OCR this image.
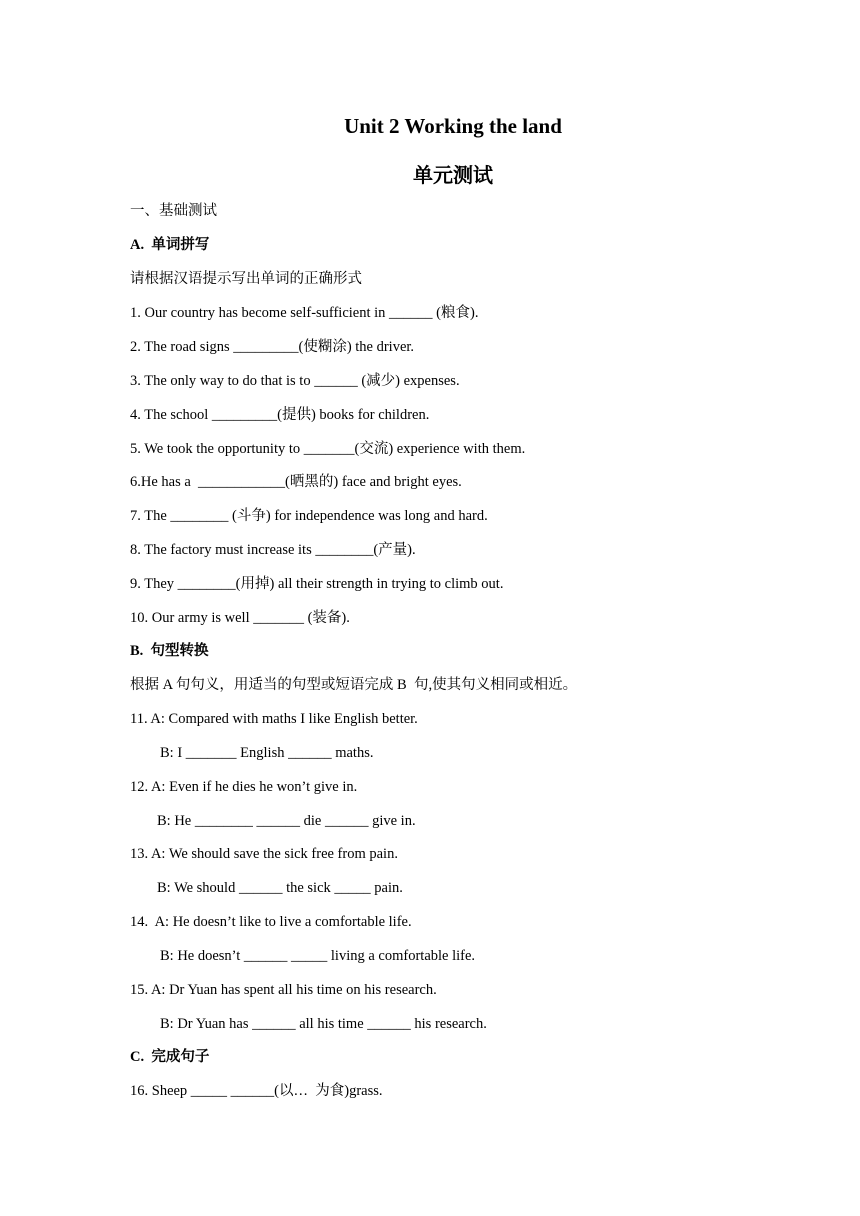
Unit 2 Working the land
单元测试
一、基础测试
A.  单词拼写
请根据汉语提示写出单词的正确形式
1. Our country has become self-sufficient in ______ (粮食).
2. The road signs _________(使糊涂) the driver.
3. The only way to do that is to ______ (减少) expenses.
4. The school _________(提供) books for children.
5. We took the opportunity to _______(交流) experience with them.
6.He has a  ____________(晒黑的) face and bright eyes.
7. The ________ (斗争) for independence was long and hard.
8. The factory must increase its ________(产量).
9. They ________(用掉) all their strength in trying to climb out.
10. Our army is well _______ (装备).
B.  句型转换
根据 A 句句义，用适当的句型或短语完成 B  句,使其句义相同或相近。
11. A: Compared with maths I like English better.
B: I _______ English ______ maths.
12. A: Even if he dies he won’t give in.
B: He ________ ______ die ______ give in.
13. A: We should save the sick free from pain.
B: We should ______ the sick _____ pain.
14.  A: He doesn’t like to live a comfortable life.
B: He doesn’t ______ _____ living a comfortable life.
15. A: Dr Yuan has spent all his time on his research.
B: Dr Yuan has ______ all his time ______ his research.
C.  完成句子
16. Sheep _____ ______(以…  为食)grass.
